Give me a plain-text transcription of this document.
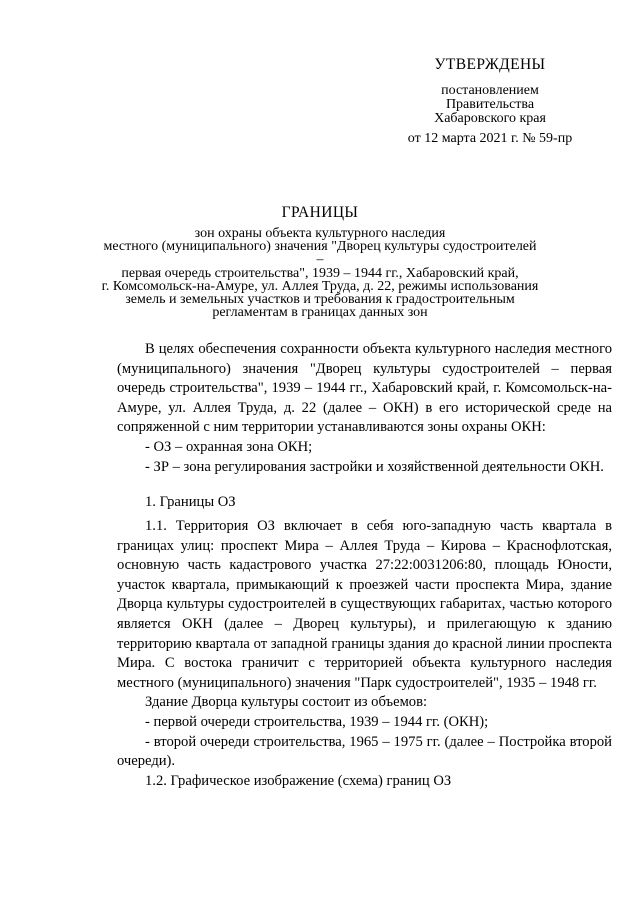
УТВЕРЖДЕНЫ
постановлением
Правительства
Хабаровского края
от 12 марта 2021 г. № 59-пр
ГРАНИЦЫ
зон охраны объекта культурного наследия
местного (муниципального) значения "Дворец культуры судостроителей –
первая очередь строительства", 1939 – 1944 гг., Хабаровский край,
г. Комсомольск-на-Амуре, ул. Аллея Труда, д. 22, режимы использования
земель и земельных участков и требования к градостроительным
регламентам в границах данных зон

В целях обеспечения сохранности объекта культурного наследия местного (муниципального) значения "Дворец культуры судостроителей – первая очередь строительства", 1939 – 1944 гг., Хабаровский край, г. Комсомольск-на-Амуре, ул. Аллея Труда, д. 22 (далее – ОКН) в его исторической среде на сопряженной с ним территории устанавливаются зоны охраны ОКН:

- ОЗ – охранная зона ОКН;

- ЗР – зона регулирования застройки и хозяйственной деятельности ОКН.

1. Границы ОЗ

1.1. Территория ОЗ включает в себя юго-западную часть квартала в границах улиц: проспект Мира – Аллея Труда – Кирова – Краснофлотская, основную часть кадастрового участка 27:22:0031206:80, площадь Юности, участок квартала, примыкающий к проезжей части проспекта Мира, здание Дворца культуры судостроителей в существующих габаритах, частью которого является ОКН (далее – Дворец культуры), и прилегающую к зданию территорию квартала от западной границы здания до красной линии проспекта Мира. С востока граничит с территорией объекта культурного наследия местного (муниципального) значения "Парк судостроителей", 1935 – 1948 гг.

Здание Дворца культуры состоит из объемов:

- первой очереди строительства, 1939 – 1944 гг. (ОКН);

- второй очереди строительства, 1965 – 1975 гг. (далее – Постройка второй очереди).

1.2. Графическое изображение (схема) границ ОЗ
